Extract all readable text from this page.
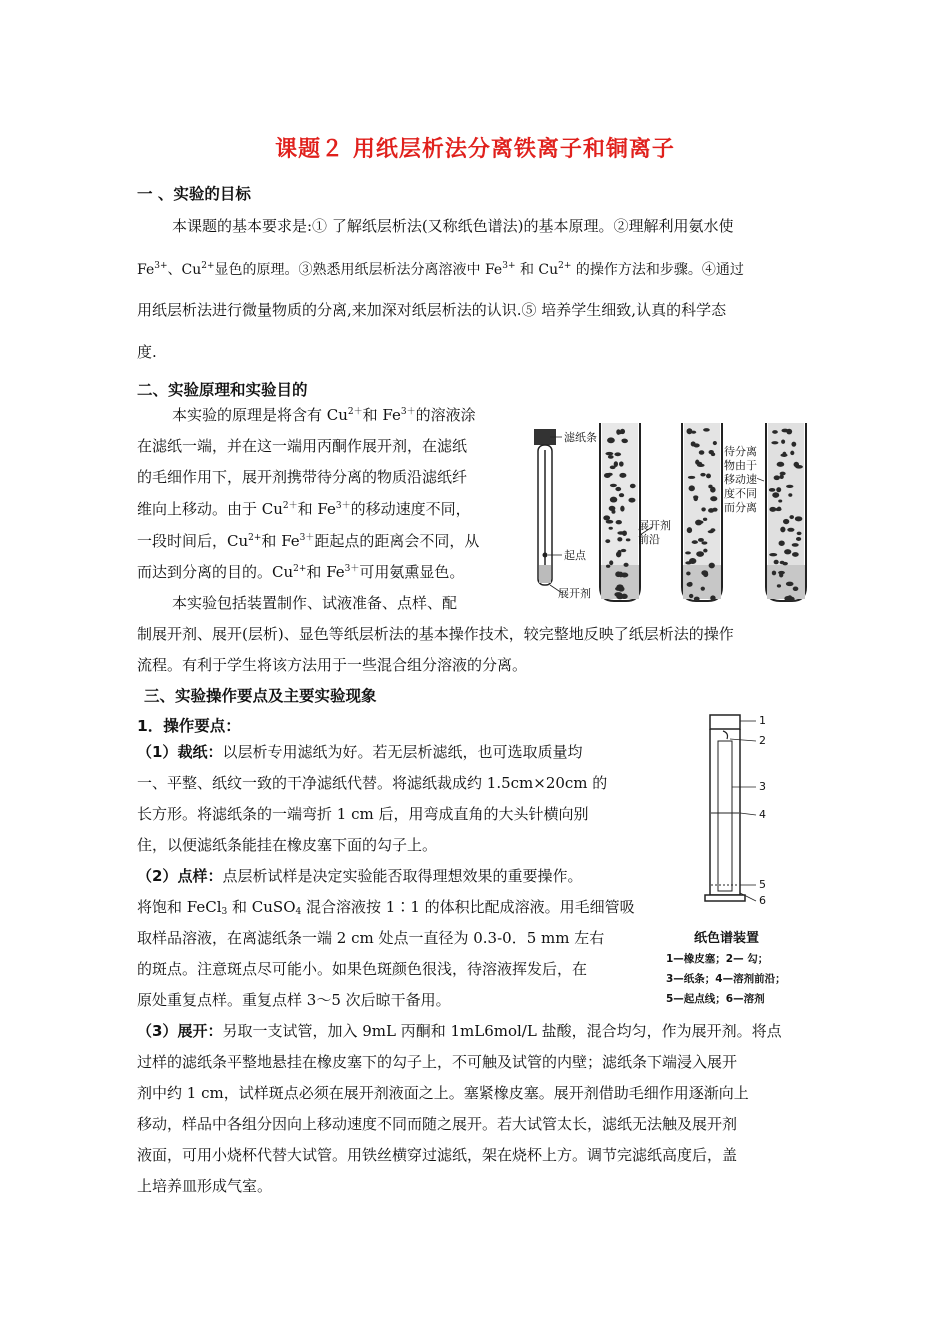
课题２ 用纸层析法分离铁离子和铜离子
一 、实验的目标
本课题的基本要求是:① 了解纸层析法(又称纸色谱法)的基本原理。②理解利用氨水使
$Fe^{3+}$、$Cu^{2+}$显色的原理。③熟悉用纸层析法分离溶液中 $Fe^{3+}$ 和 $Cu^{2+}$ 的操作方法和步骤。④通过
用纸层析法进行微量物质的分离,来加深对纸层析法的认识.⑤ 培养学生细致,认真的科学态
度.
二、实验原理和实验目的
本实验的原理是将含有 $Cu^{2+}$和 $Fe^{3+}$的溶液涂
在滤纸一端，并在这一端用丙酮作展开剂，在滤纸
的毛细作用下，展开剂携带待分离的物质沿滤纸纤
维向上移动。由于 $Cu^{2+}$和 $Fe^{3+}$的移动速度不同，
一段时间后，$Cu^{2+}$和 $Fe^{3+}$距起点的距离会不同，从
而达到分离的目的。$Cu^{2+}$和 $Fe^{3+}$可用氨熏显色。
本实验包括装置制作、试液准备、点样、配
制展开剂、展开(层析)、显色等纸层析法的基本操作技术，较完整地反映了纸层析法的操作
流程。有利于学生将该方法用于一些混合组分溶液的分离。
滤纸条
起点
展开剂
展开剂
前沿
待分离
物由于
移动速
度不同
而分离
三、实验操作要点及主要实验现象
1．操作要点：
（1）裁纸：以层析专用滤纸为好。若无层析滤纸，也可选取质量均
一、平整、纸纹一致的干净滤纸代替。将滤纸裁成约 1.5cm×20cm 的
长方形。将滤纸条的一端弯折 1 cm 后，用弯成直角的大头针横向别
住，以便滤纸条能挂在橡皮塞下面的勾子上。
（2）点样：点层析试样是决定实验能否取得理想效果的重要操作。
将饱和 FeCl$_3$ 和 CuSO$_4$ 混合溶液按 1∶1 的体积比配成溶液。用毛细管吸
取样品溶液，在离滤纸条一端 2 cm 处点一直径为 0.3-0．5 mm 左右
的斑点。注意斑点尽可能小。如果色斑颜色很浅，待溶液挥发后，在
原处重复点样。重复点样 3～5 次后晾干备用。
（3）展开：另取一支试管，加入 9mL 丙酮和 1mL6mol/L 盐酸，混合均匀，作为展开剂。将点
过样的滤纸条平整地悬挂在橡皮塞下的勾子上，不可触及试管的内壁；滤纸条下端浸入展开
剂中约 1 cm，试样斑点必须在展开剂液面之上。塞紧橡皮塞。展开剂借助毛细作用逐渐向上
移动，样品中各组分因向上移动速度不同而随之展开。若大试管太长，滤纸无法触及展开剂
液面，可用小烧杯代替大试管。用铁丝横穿过滤纸，架在烧杯上方。调节完滤纸高度后，盖
上培养皿形成气室。
1
2
3
4
5
6
纸色谱装置
1—橡皮塞；2— 勾；
3—纸条；4—溶剂前沿；
5—起点线；6—溶剂
